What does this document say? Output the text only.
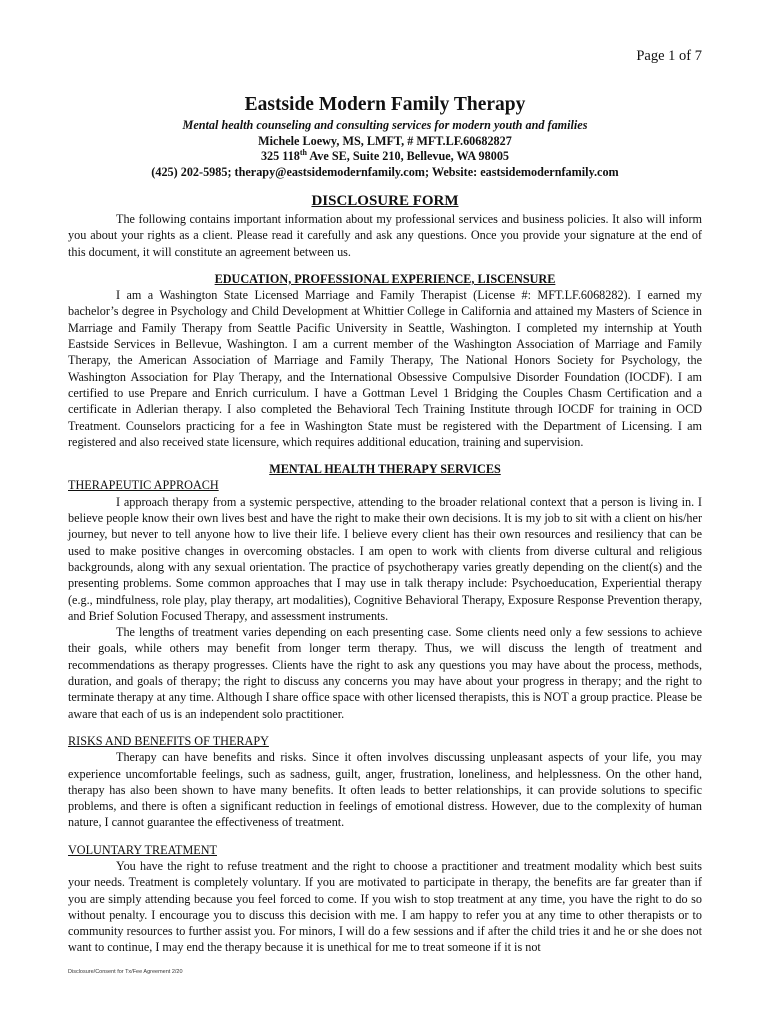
Page 1 of 7
Eastside Modern Family Therapy
Mental health counseling and consulting services for modern youth and families
Michele Loewy, MS, LMFT, # MFT.LF.60682827
325 118th Ave SE, Suite 210, Bellevue, WA 98005
(425) 202-5985; therapy@eastsidemodernfamily.com; Website: eastsidemodernfamily.com
DISCLOSURE FORM

The following contains important information about my professional services and business policies. It also will inform you about your rights as a client. Please read it carefully and ask any questions. Once you provide your signature at the end of this document, it will constitute an agreement between us.

EDUCATION, PROFESSIONAL EXPERIENCE, LISCENSURE

I am a Washington State Licensed Marriage and Family Therapist (License #: MFT.LF.6068282). I earned my bachelor’s degree in Psychology and Child Development at Whittier College in California and attained my Masters of Science in Marriage and Family Therapy from Seattle Pacific University in Seattle, Washington. I completed my internship at Youth Eastside Services in Bellevue, Washington. I am a current member of the Washington Association of Marriage and Family Therapy, the American Association of Marriage and Family Therapy, The National Honors Society for Psychology, the Washington Association for Play Therapy, and the International Obsessive Compulsive Disorder Foundation (IOCDF). I am certified to use Prepare and Enrich curriculum. I have a Gottman Level 1 Bridging the Couples Chasm Certification and a certificate in Adlerian therapy. I also completed the Behavioral Tech Training Institute through IOCDF for training in OCD Treatment. Counselors practicing for a fee in Washington State must be registered with the Department of Licensing. I am registered and also received state licensure, which requires additional education, training and supervision.

MENTAL HEALTH THERAPY SERVICES
THERAPEUTIC APPROACH

I approach therapy from a systemic perspective, attending to the broader relational context that a person is living in. I believe people know their own lives best and have the right to make their own decisions. It is my job to sit with a client on his/her journey, but never to tell anyone how to live their life. I believe every client has their own resources and resiliency that can be used to make positive changes in overcoming obstacles. I am open to work with clients from diverse cultural and religious backgrounds, along with any sexual orientation. The practice of psychotherapy varies greatly depending on the client(s) and the presenting problems. Some common approaches that I may use in talk therapy include: Psychoeducation, Experiential therapy (e.g., mindfulness, role play, play therapy, art modalities), Cognitive Behavioral Therapy, Exposure Response Prevention therapy, and Brief Solution Focused Therapy, and assessment instruments.

The lengths of treatment varies depending on each presenting case. Some clients need only a few sessions to achieve their goals, while others may benefit from longer term therapy. Thus, we will discuss the length of treatment and recommendations as therapy progresses. Clients have the right to ask any questions you may have about the process, methods, duration, and goals of therapy; the right to discuss any concerns you may have about your progress in therapy; and the right to terminate therapy at any time. Although I share office space with other licensed therapists, this is NOT a group practice. Please be aware that each of us is an independent solo practitioner.

RISKS AND BENEFITS OF THERAPY

Therapy can have benefits and risks. Since it often involves discussing unpleasant aspects of your life, you may experience uncomfortable feelings, such as sadness, guilt, anger, frustration, loneliness, and helplessness. On the other hand, therapy has also been shown to have many benefits. It often leads to better relationships, it can provide solutions to specific problems, and there is often a significant reduction in feelings of emotional distress. However, due to the complexity of human nature, I cannot guarantee the effectiveness of treatment.

VOLUNTARY TREATMENT

You have the right to refuse treatment and the right to choose a practitioner and treatment modality which best suits your needs. Treatment is completely voluntary. If you are motivated to participate in therapy, the benefits are far greater than if you are simply attending because you feel forced to come. If you wish to stop treatment at any time, you have the right to do so without penalty. I encourage you to discuss this decision with me. I am happy to refer you at any time to other therapists or to community resources to further assist you. For minors, I will do a few sessions and if after the child tries it and he or she does not want to continue, I may end the therapy because it is unethical for me to treat someone if it is not

Disclosure/Consent for Tx/Fee Agreement 2/20
